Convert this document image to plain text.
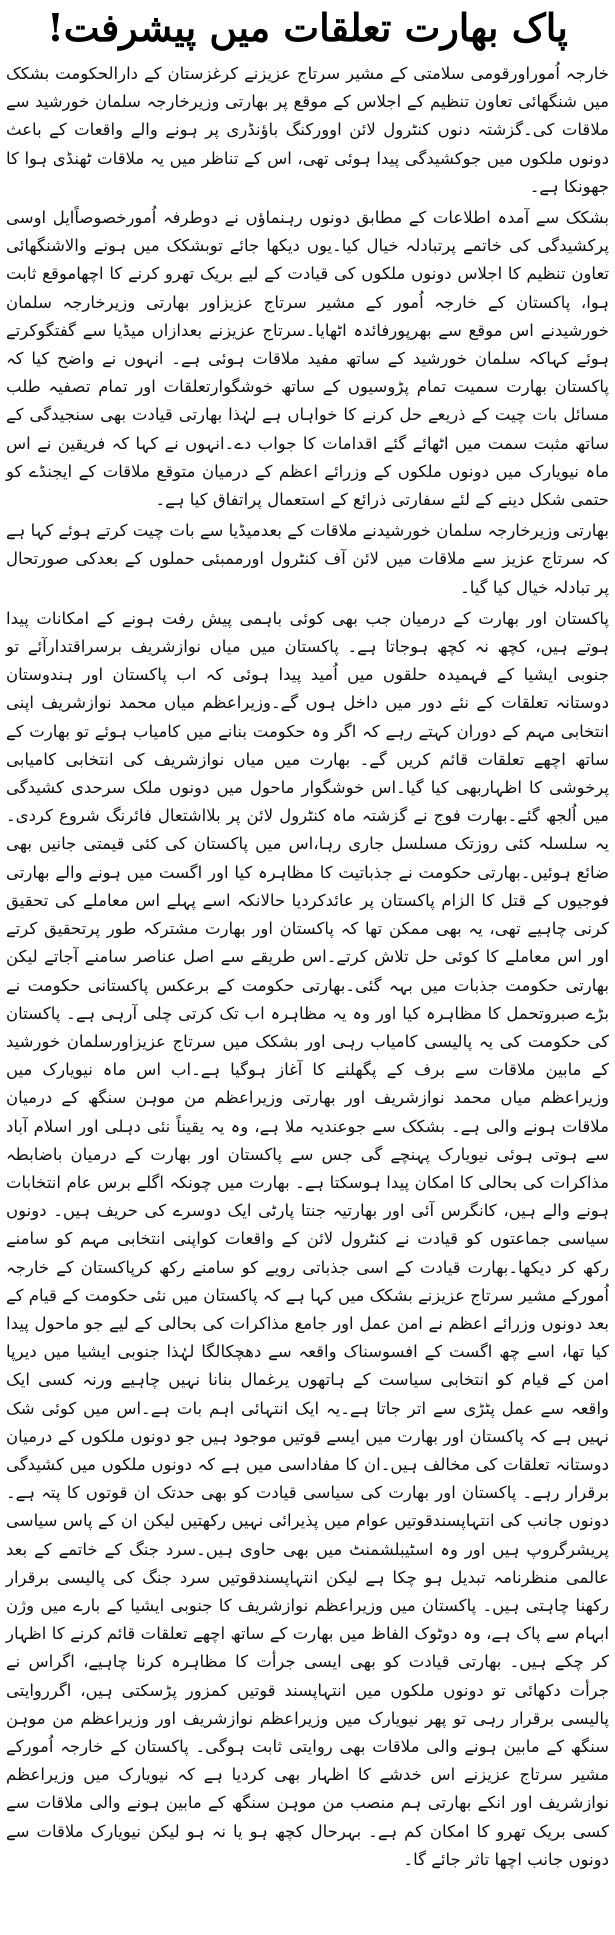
پاک بھارت تعلقات میں پیشرفت!

خارجہ اُموراورقومی سلامتی کے مشیر سرتاج عزیزنے کرغزستان کے دارالحکومت بشکک میں شنگھائی تعاون تنظیم کے اجلاس کے موقع پر بھارتی وزیرخارجہ سلمان خورشید سے ملاقات کی۔گزشتہ دنوں کنٹرول لائن اوورکنگ باؤنڈری پر ہونے والے واقعات کے باعث دونوں ملکوں میں جوکشیدگی پیدا ہوئی تھی، اس کے تناظر میں یہ ملاقات ٹھنڈی ہوا کا جھونکا ہے۔

بشکک سے آمدہ اطلاعات کے مطابق دونوں رہنماؤں نے دوطرفہ اُمورخصوصاًایل اوسی پرکشیدگی کی خاتمے پرتبادلہ خیال کیا۔یوں دیکھا جائے توبشکک میں ہونے والاشنگھائی تعاون تنظیم کا اجلاس دونوں ملکوں کی قیادت کے لیے بریک تھرو کرنے کا اچھاموقع ثابت ہوا، پاکستان کے خارجہ اُمور کے مشیر سرتاج عزیزاور بھارتی وزیرخارجہ سلمان خورشیدنے اس موقع سے بھرپورفائدہ اٹھایا۔سرتاج عزیزنے بعدازاں میڈیا سے گفتگوکرتے ہوئے کہاکہ سلمان خورشید کے ساتھ مفید ملاقات ہوئی ہے۔ انہوں نے واضح کیا کہ پاکستان بھارت سمیت تمام پڑوسیوں کے ساتھ خوشگوارتعلقات اور تمام تصفیہ طلب مسائل بات چیت کے ذریعے حل کرنے کا خواہاں ہے لہٰذا بھارتی قیادت بھی سنجیدگی کے ساتھ مثبت سمت میں اٹھائے گئے اقدامات کا جواب دے۔انہوں نے کہا کہ فریقین نے اس ماہ نیویارک میں دونوں ملکوں کے وزرائے اعظم کے درمیان متوقع ملاقات کے ایجنڈے کو حتمی شکل دینے کے لئے سفارتی ذرائع کے استعمال پراتفاق کیا ہے۔

بھارتی وزیرخارجہ سلمان خورشیدنے ملاقات کے بعدمیڈیا سے بات چیت کرتے ہوئے کہا ہے کہ سرتاج عزیز سے ملاقات میں لائن آف کنٹرول اورممبئی حملوں کے بعدکی صورتحال پر تبادلہ خیال کیا گیا۔

پاکستان اور بھارت کے درمیان جب بھی کوئی باہمی پیش رفت ہونے کے امکانات پیدا ہوتے ہیں، کچھ نہ کچھ ہوجاتا ہے۔ پاکستان میں میاں نوازشریف برسراقتدارآئے تو جنوبی ایشیا کے فہمیدہ حلقوں میں اُمید پیدا ہوئی کہ اب پاکستان اور ہندوستان دوستانہ تعلقات کے نئے دور میں داخل ہوں گے۔وزیراعظم میاں محمد نوازشریف اپنی انتخابی مہم کے دوران کہتے رہے کہ اگر وہ حکومت بنانے میں کامیاب ہوئے تو بھارت کے ساتھ اچھے تعلقات قائم کریں گے۔ بھارت میں میاں نوازشریف کی انتخابی کامیابی پرخوشی کا اظہاربھی کیا گیا۔اس خوشگوار ماحول میں دونوں ملک سرحدی کشیدگی میں اُلجھ گئے۔بھارت فوج نے گزشتہ ماہ کنٹرول لائن پر بلااشتعال فائرنگ شروع کردی۔یہ سلسلہ کئی روزتک مسلسل جاری رہا،اس میں پاکستان کی کئی قیمتی جانیں بھی ضائع ہوئیں۔بھارتی حکومت نے جذباتیت کا مظاہرہ کیا اور اگست میں ہونے والے بھارتی فوجیوں کے قتل کا الزام پاکستان پر عائدکردیا حالانکہ اسے پہلے اس معاملے کی تحقیق کرنی چاہیے تھی، یہ بھی ممکن تھا کہ پاکستان اور بھارت مشترکہ طور پرتحقیق کرتے اور اس معاملے کا کوئی حل تلاش کرتے۔اس طریقے سے اصل عناصر سامنے آجاتے لیکن بھارتی حکومت جذبات میں بہہ گئی۔بھارتی حکومت کے برعکس پاکستانی حکومت نے بڑے صبروتحمل کا مظاہرہ کیا اور وہ یہ مظاہرہ اب تک کرتی چلی آرہی ہے۔ پاکستان کی حکومت کی یہ پالیسی کامیاب رہی اور بشکک میں سرتاج عزیزاورسلمان خورشید کے مابین ملاقات سے برف کے پگھلنے کا آغاز ہوگیا ہے۔اب اس ماہ نیویارک میں وزیراعظم میاں محمد نوازشریف اور بھارتی وزیراعظم من موہن سنگھ کے درمیان ملاقات ہونے والی ہے۔ بشکک سے جوعندیہ ملا ہے، وہ یہ یقیناً نئی دہلی اور اسلام آباد سے ہوتی ہوئی نیویارک پہنچے گی جس سے پاکستان اور بھارت کے درمیان باضابطہ مذاکرات کی بحالی کا امکان پیدا ہوسکتا ہے۔ بھارت میں چونکہ اگلے برس عام انتخابات ہونے والے ہیں، کانگرس آئی اور بھارتیہ جنتا پارٹی ایک دوسرے کی حریف ہیں۔ دونوں سیاسی جماعتوں کو قیادت نے کنٹرول لائن کے واقعات کواپنی انتخابی مہم کو سامنے رکھ کر دیکھا۔بھارت قیادت کے اسی جذباتی رویے کو سامنے رکھ کرپاکستان کے خارجہ اُمورکے مشیر سرتاج عزیزنے بشکک میں کہا ہے کہ پاکستان میں نئی حکومت کے قیام کے بعد دونوں وزرائے اعظم نے امن عمل اور جامع مذاکرات کی بحالی کے لیے جو ماحول پیدا کیا تھا، اسے چھ اگست کے افسوسناک واقعہ سے دھچکالگا لہٰذا جنوبی ایشیا میں دیرپا امن کے قیام کو انتخابی سیاست کے ہاتھوں یرغمال بنانا نہیں چاہیے ورنہ کسی ایک واقعہ سے عمل پٹڑی سے اتر جاتا ہے۔یہ ایک انتہائی اہم بات ہے۔اس میں کوئی شک نہیں ہے کہ پاکستان اور بھارت میں ایسے قوتیں موجود ہیں جو دونوں ملکوں کے درمیان دوستانہ تعلقات کی مخالف ہیں۔ان کا مفاداسی میں ہے کہ دونوں ملکوں میں کشیدگی برقرار رہے۔ پاکستان اور بھارت کی سیاسی قیادت کو بھی حدتک ان قوتوں کا پتہ ہے۔دونوں جانب کی انتہاپسندقوتیں عوام میں پذیرائی نہیں رکھتیں لیکن ان کے پاس سیاسی پریشرگروپ ہیں اور وہ اسٹیبلشمنٹ میں بھی حاوی ہیں۔سرد جنگ کے خاتمے کے بعد عالمی منظرنامہ تبدیل ہو چکا ہے لیکن انتہاپسندقوتیں سرد جنگ کی پالیسی برقرار رکھنا چاہتی ہیں۔ پاکستان میں وزیراعظم نوازشریف کا جنوبی ایشیا کے بارے میں وژن ابہام سے پاک ہے، وہ دوٹوک الفاظ میں بھارت کے ساتھ اچھے تعلقات قائم کرنے کا اظہار کر چکے ہیں۔ بھارتی قیادت کو بھی ایسی جرأت کا مظاہرہ کرنا چاہیے، اگراس نے جرأت دکھائی تو دونوں ملکوں میں انتہاپسند قوتیں کمزور پڑسکتی ہیں، اگرروایتی پالیسی برقرار رہی تو پھر نیویارک میں وزیراعظم نوازشریف اور وزیراعظم من موہن سنگھ کے مابین ہونے والی ملاقات بھی روایتی ثابت ہوگی۔ پاکستان کے خارجہ اُمورکے مشیر سرتاج عزیزنے اس خدشے کا اظہار بھی کردیا ہے کہ نیویارک میں وزیراعظم نوازشریف اور انکے بھارتی ہم منصب من موہن سنگھ کے مابین ہونے والی ملاقات سے کسی بریک تھرو کا امکان کم ہے۔ بہرحال کچھ ہو یا نہ ہو لیکن نیویارک ملاقات سے دونوں جانب اچھا تاثر جائے گا۔
